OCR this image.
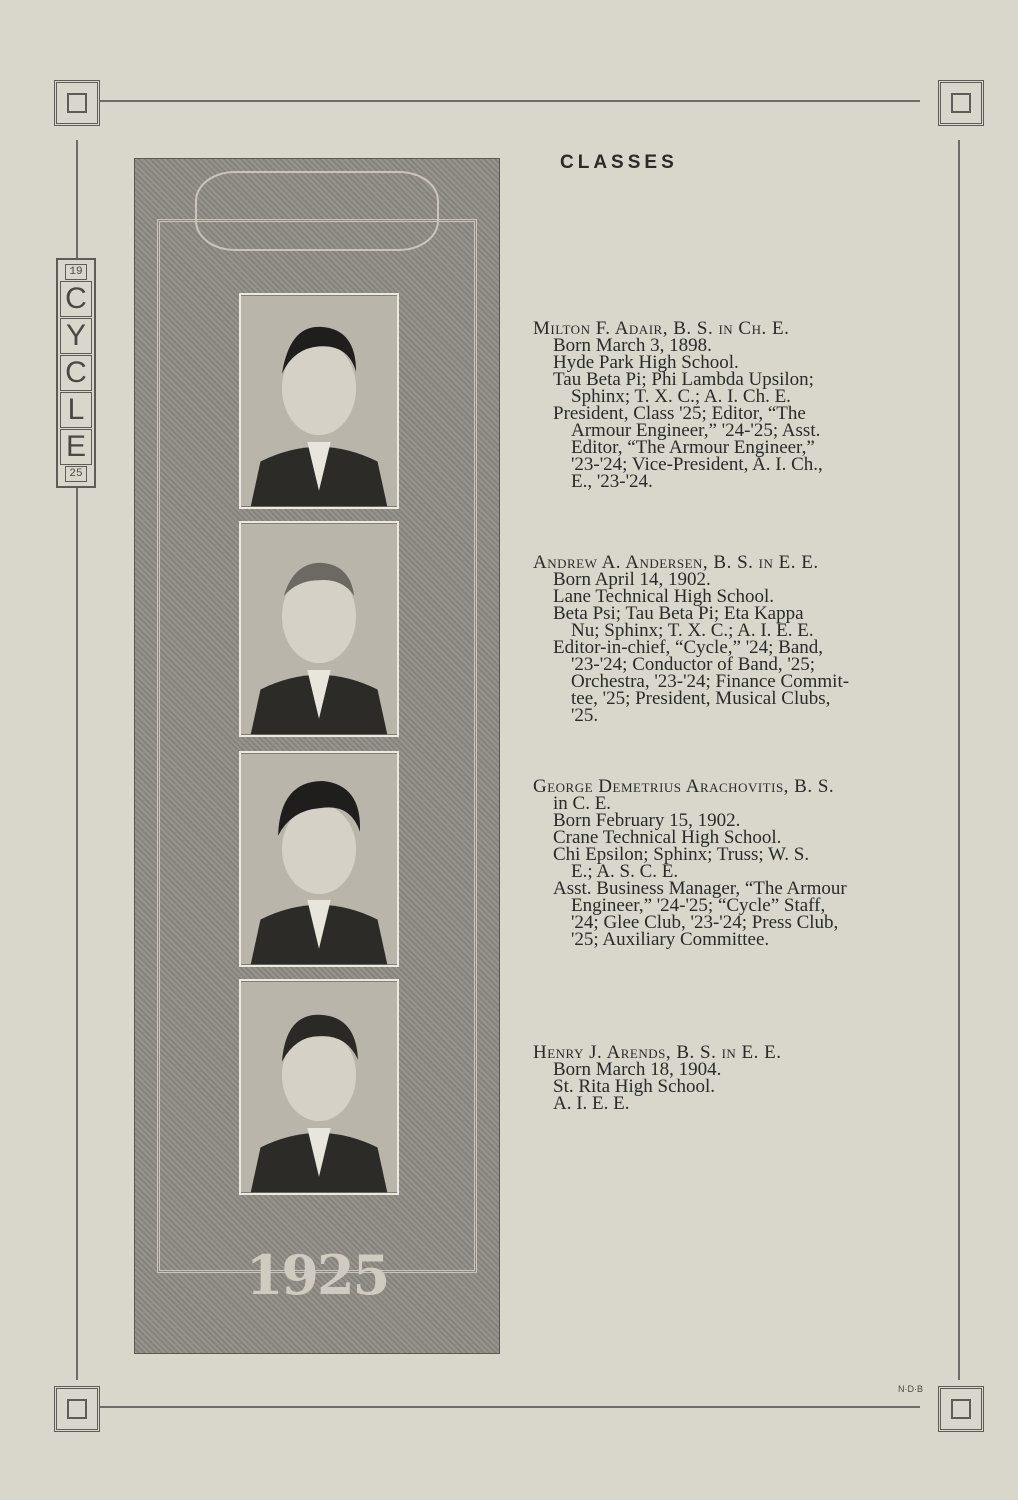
19
C
Y
C
L
E
25
1925
CLASSES

Milton F. Adair, B. S. in Ch. E.

Born March 3, 1898.

Hyde Park High School.

Tau Beta Pi; Phi Lambda Upsilon;

Sphinx; T. X. C.; A. I. Ch. E.

President, Class '25; Editor, “The

Armour Engineer,” '24-'25; Asst.

Editor, “The Armour Engineer,”

'23-'24; Vice-President, A. I. Ch.,

E., '23-'24.

Andrew A. Andersen, B. S. in E. E.

Born April 14, 1902.

Lane Technical High School.

Beta Psi; Tau Beta Pi; Eta Kappa

Nu; Sphinx; T. X. C.; A. I. E. E.

Editor-in-chief, “Cycle,” '24; Band,

'23-'24; Conductor of Band, '25;

Orchestra, '23-'24; Finance Commit-

tee, '25; President, Musical Clubs,

'25.

George Demetrius Arachovitis, B. S.

in C. E.

Born February 15, 1902.

Crane Technical High School.

Chi Epsilon; Sphinx; Truss; W. S.

E.; A. S. C. E.

Asst. Business Manager, “The Armour

Engineer,” '24-'25; “Cycle” Staff,

'24; Glee Club, '23-'24; Press Club,

'25; Auxiliary Committee.

Henry J. Arends, B. S. in E. E.

Born March 18, 1904.

St. Rita High School.

A. I. E. E.

N·D·B
